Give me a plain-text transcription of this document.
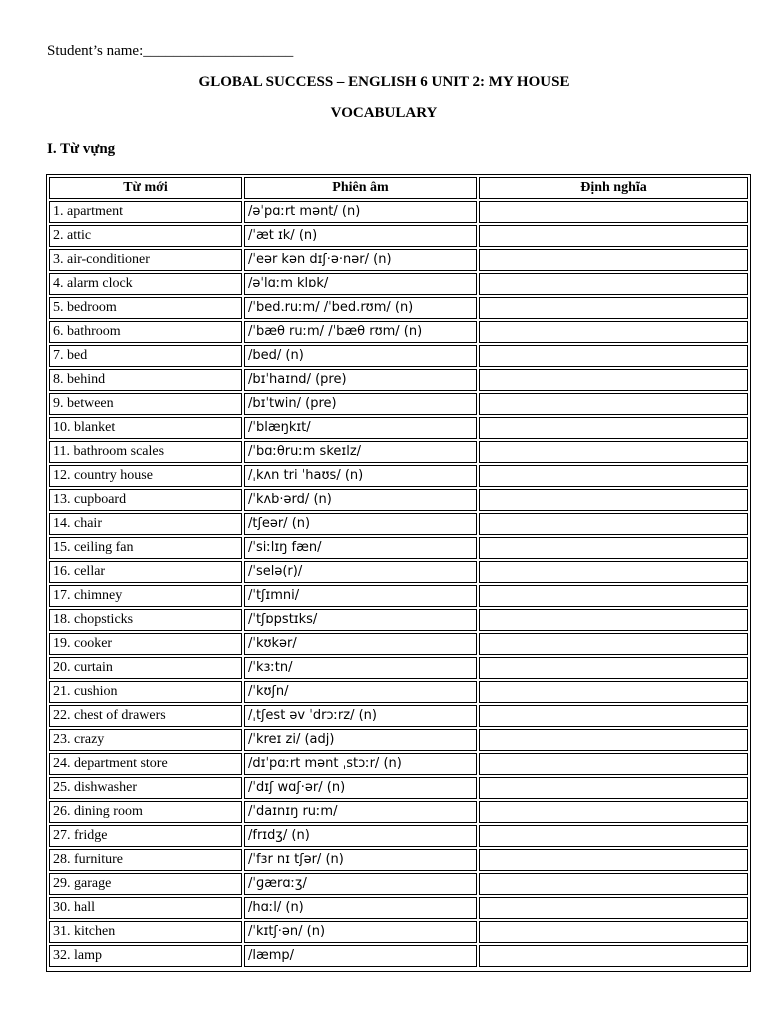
Student’s name:____________________
GLOBAL SUCCESS – ENGLISH 6 UNIT 2: MY HOUSE
VOCABULARY
I. Từ vựng
Từ mới	Phiên âm	Định nghĩa
1. apartment	/əˈpɑːrt mənt/ (n)	
2. attic	/ˈæt ɪk/ (n)	
3. air-conditioner	/ˈeər kən dɪʃ·ə·nər/ (n)	
4. alarm clock	/əˈlɑːm klɒk/	
5. bedroom	/ˈbed.ruːm/ /ˈbed.rʊm/ (n)	
6. bathroom	/ˈbæθ ruːm/ /ˈbæθ rʊm/ (n)	
7. bed	/bed/ (n)	
8. behind	/bɪˈhaɪnd/ (pre)	
9. between	/bɪˈtwin/ (pre)	
10. blanket	/ˈblæŋkɪt/	
11. bathroom scales	/ˈbɑːθruːm skeɪlz/	
12. country house	/ˌkʌn tri ˈhaʊs/ (n)	
13. cupboard	/ˈkʌb·ərd/ (n)	
14. chair	/tʃeər/ (n)	
15. ceiling fan	/ˈsiːlɪŋ fæn/	
16. cellar	/ˈselə(r)/	
17. chimney	/ˈtʃɪmni/	
18. chopsticks	/ˈtʃɒpstɪks/	
19. cooker	/ˈkʊkər/	
20. curtain	/ˈkɜːtn/	
21. cushion	/ˈkʊʃn/	
22. chest of drawers	/ˌtʃest əv ˈdrɔːrz/ (n)	
23. crazy	/ˈkreɪ zi/ (adj)	
24. department store	/dɪˈpɑːrt mənt ˌstɔːr/ (n)	
25. dishwasher	/ˈdɪʃ wɑʃ·ər/ (n)	
26. dining room	/ˈdaɪnɪŋ ruːm/	
27. fridge	/frɪdʒ/ (n)	
28. furniture	/ˈfɜr nɪ tʃər/ (n)	
29. garage	/ˈɡærɑːʒ/	
30. hall	/hɑːl/ (n)	
31. kitchen	/ˈkɪtʃ·ən/ (n)	
32. lamp	/læmp/	
